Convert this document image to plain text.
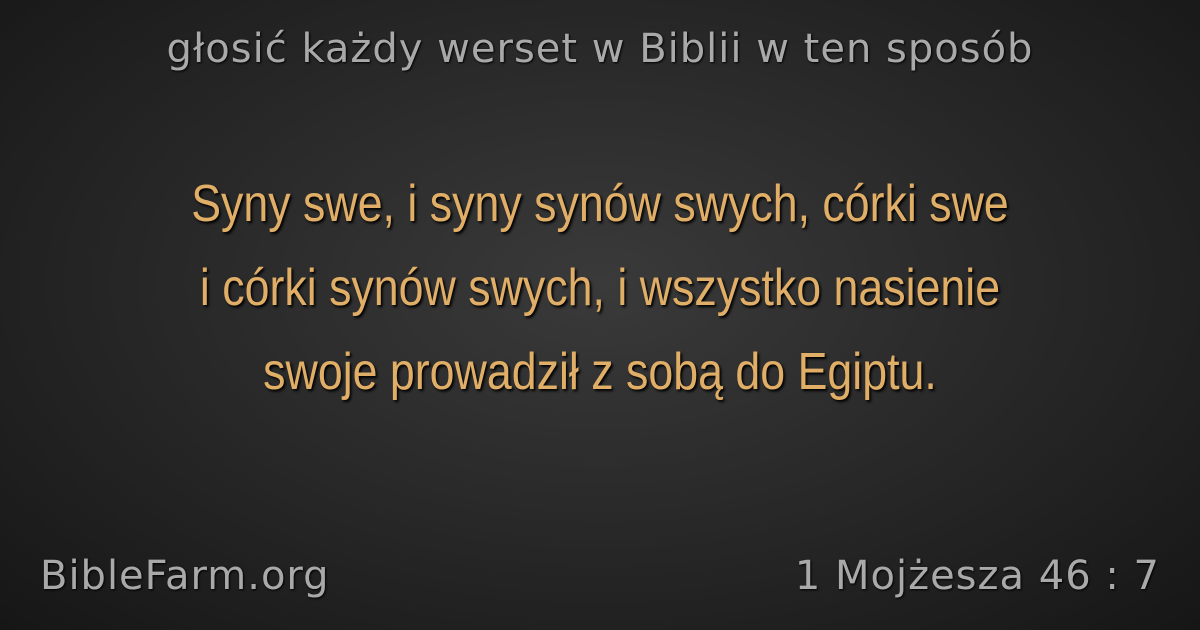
głosić każdy werset w Biblii w ten sposób
Syny swe, i syny synów swych, córki swe
i córki synów swych, i wszystko nasienie
swoje prowadził z sobą do Egiptu.
BibleFarm.org	1 Mojżesza 46 : 7
